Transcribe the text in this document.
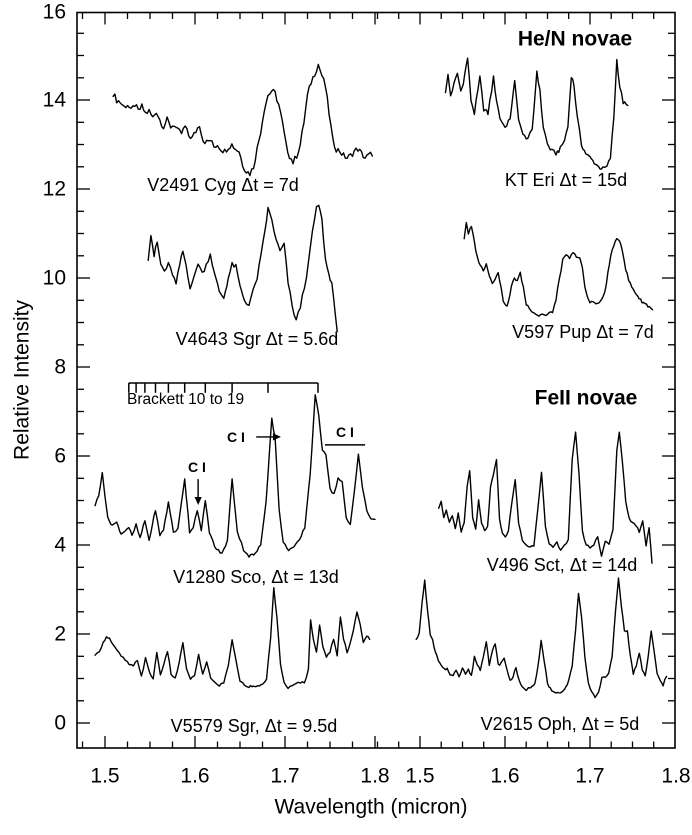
16
14
12
10
8
6
4
2
0
1.5	1.6	1.7	1.8 1.5	1.6	1.7	1.8
Wavelength (micron)
Relative Intensity
He/N novae
FeII novae
V2491 Cyg Δt = 7d	KT Eri Δt = 15d
V4643 Sgr Δt = 5.6d	V597 Pup Δt = 7d
V1280 Sco, Δt = 13d
V496 Sct, Δt = 14d
V5579 Sgr, Δt = 9.5d	V2615 Oph, Δt = 5d
Brackett 10 to 19
C I
C I	C I
